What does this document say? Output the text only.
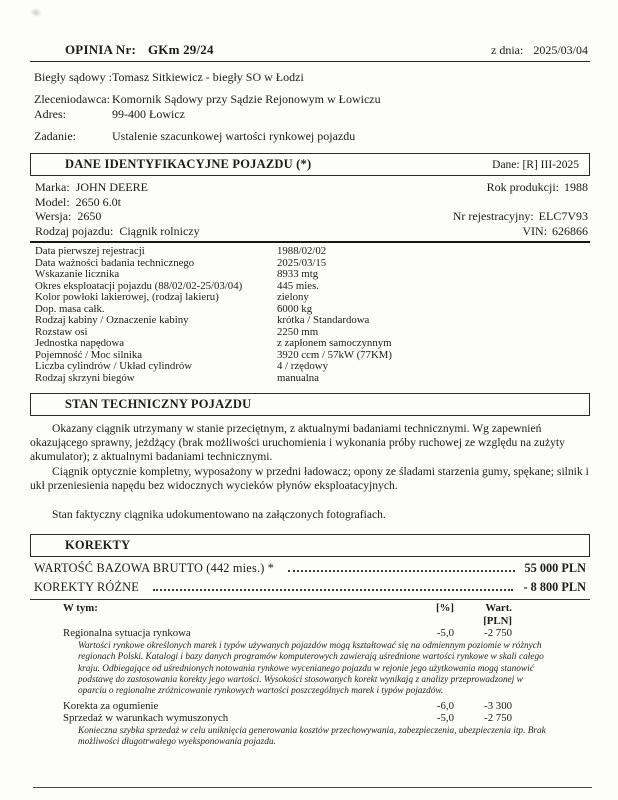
OPINIA Nr: GKm 29/24	z dnia: 2025/03/04
Biegły sądowy : Tomasz Sitkiewicz - biegły SO w Łodzi
Zleceniodawca: Komornik Sądowy przy Sądzie Rejonowym w Łowiczu
Adres:	99-400 Łowicz
Zadanie:	Ustalenie szacunkowej wartości rynkowej pojazdu
DANE IDENTYFIKACYJNE POJAZDU (*)	Dane: [R] III-2025
Marka: JOHN DEERE	Rok produkcji: 1988
Model: 2650 6.0t
Wersja: 2650	Nr rejestracyjny: ELC7V93
Rodzaj pojazdu: Ciągnik rolniczy	VIN: 626866
Data pierwszej rejestracji	1988/02/02
Data ważności badania technicznego	2025/03/15
Wskazanie licznika	8933 mtg
Okres eksploatacji pojazdu (88/02/02-25/03/04)	445 mies.
Kolor powłoki lakierowej, (rodzaj lakieru)	zielony
Dop. masa całk.	6000 kg
Rodzaj kabiny / Oznaczenie kabiny	krótka / Standardowa
Rozstaw osi	2250 mm
Jednostka napędowa	z zapłonem samoczynnym
Pojemność / Moc silnika	3920 ccm / 57kW (77KM)
Liczba cylindrów / Układ cylindrów	4 / rzędowy
Rodzaj skrzyni biegów	manualna
STAN TECHNICZNY POJAZDU

Okazany ciągnik utrzymany w stanie przeciętnym, z aktualnymi badaniami technicznymi. Wg zapewnień okazującego sprawny, jeżdżący (brak możliwości uruchomienia i wykonania próby ruchowej ze względu na zużyty akumulator); z aktualnymi badaniami technicznymi.

Ciągnik optycznie kompletny, wyposażony w przedni ładowacz; opony ze śladami starzenia gumy, spękane; silnik i ukł przeniesienia napędu bez widocznych wycieków płynów eksploatacyjnych.

Stan faktyczny ciągnika udokumentowano na załączonych fotografiach.

KOREKTY
WARTOŚĆ BAZOWA BRUTTO (442 mies.) *	55 000 PLN
KOREKTY RÓŻNE	- 8 800 PLN
W tym:	[%]	Wart. [PLN]
Regionalna sytuacja rynkowa	-5,0	-2 750
Wartości rynkowe określonych marek i typów używanych pojazdów mogą kształtować się na odmiennym poziomie w różnych regionach Polski. Katalogi i bazy danych programów komputerowych zawierają uśrednione wartości rynkowe w skali całego kraju. Odbiegające od uśrednionych notowania rynkowe wycenianego pojazdu w rejonie jego użytkowania mogą stanowić podstawę do zastosowania korekty jego wartości. Wysokości stosowanych korekt wynikają z analizy przeprowadzonej w oparciu o regionalne zróżnicowanie rynkowych wartości poszczególnych marek i typów pojazdów.
Korekta za ogumienie	-6,0	-3 300
Sprzedaż w warunkach wymuszonych	-5,0	-2 750
Konieczna szybka sprzedaż w celu uniknięcia generowania kosztów przechowywania, zabezpieczenia, ubezpieczenia itp. Brak możliwości długotrwałego wyeksponowania pojazdu.
